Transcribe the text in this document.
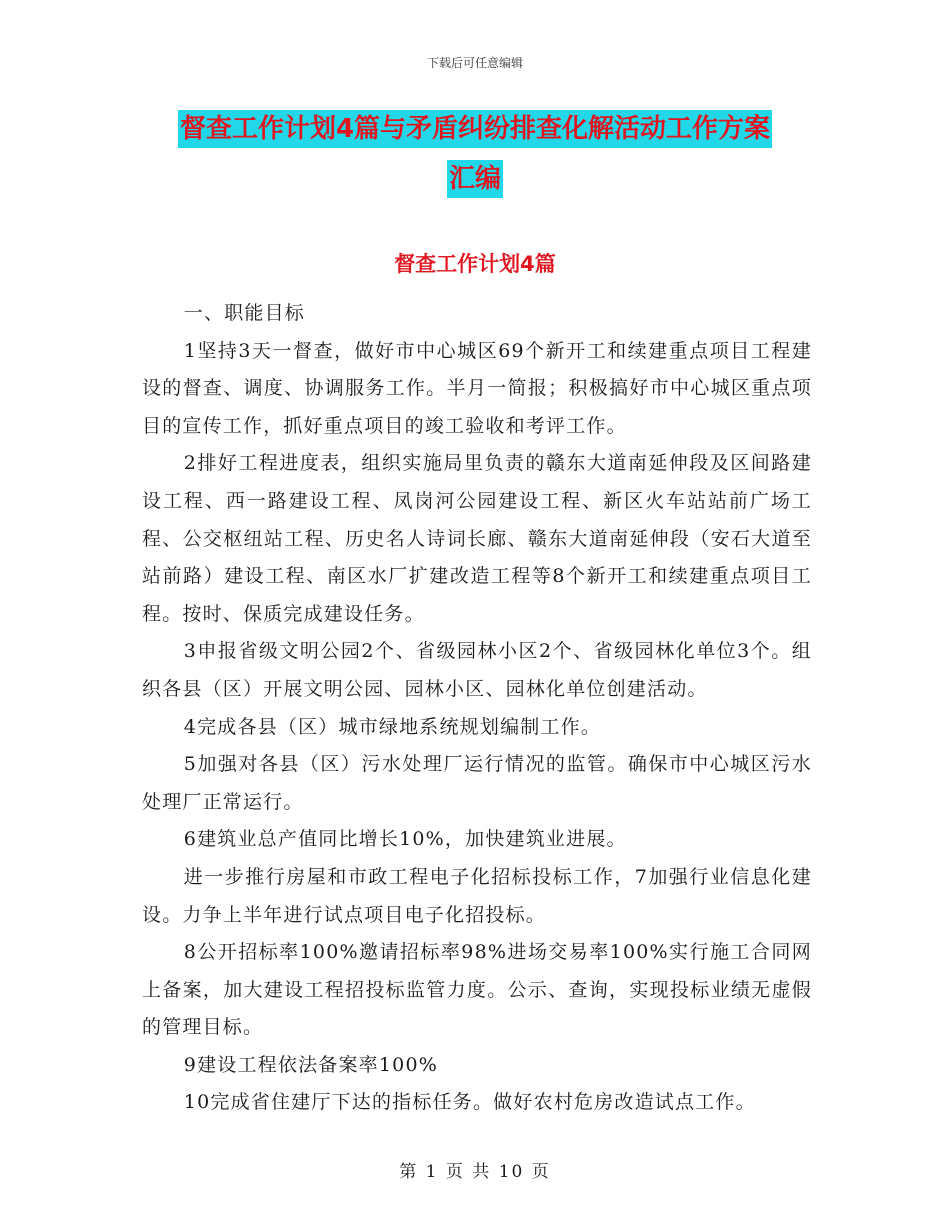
下载后可任意编辑
督查工作计划4篇与矛盾纠纷排查化解活动工作方案
汇编
督查工作计划4篇

一、职能目标

1坚持3天一督查，做好市中心城区69个新开工和续建重点项目工程建设的督查、调度、协调服务工作。半月一简报；积极搞好市中心城区重点项目的宣传工作，抓好重点项目的竣工验收和考评工作。

2排好工程进度表，组织实施局里负责的赣东大道南延伸段及区间路建设工程、西一路建设工程、凤岗河公园建设工程、新区火车站站前广场工程、公交枢纽站工程、历史名人诗词长廊、赣东大道南延伸段（安石大道至站前路）建设工程、南区水厂扩建改造工程等8个新开工和续建重点项目工程。按时、保质完成建设任务。

3申报省级文明公园2个、省级园林小区2个、省级园林化单位3个。组织各县（区）开展文明公园、园林小区、园林化单位创建活动。

4完成各县（区）城市绿地系统规划编制工作。

5加强对各县（区）污水处理厂运行情况的监管。确保市中心城区污水处理厂正常运行。

6建筑业总产值同比增长10%，加快建筑业进展。

进一步推行房屋和市政工程电子化招标投标工作，7加强行业信息化建设。力争上半年进行试点项目电子化招投标。

8公开招标率100%邀请招标率98%进场交易率100%实行施工合同网上备案，加大建设工程招投标监管力度。公示、查询，实现投标业绩无虚假的管理目标。

9建设工程依法备案率100%

10完成省住建厅下达的指标任务。做好农村危房改造试点工作。

第 1 页 共 10 页
